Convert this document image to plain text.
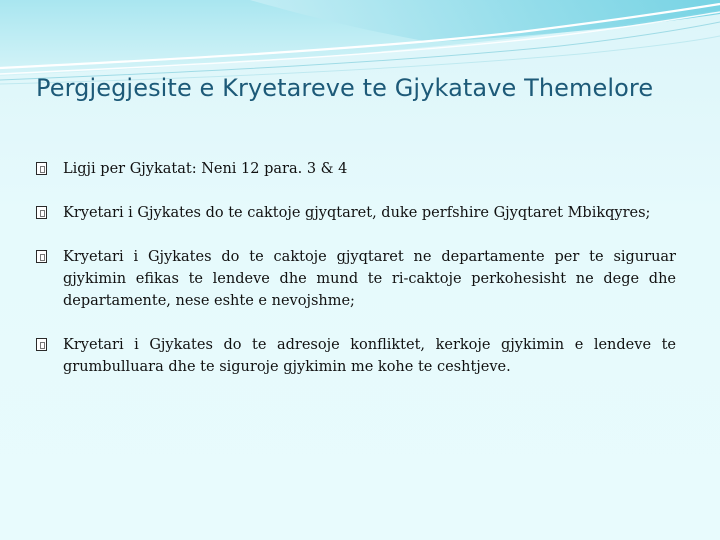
Pergjegjesite e Kryetareve te Gjykatave Themelore
Ligji per Gjykatat: Neni 12 para. 3 & 4
Kryetari i Gjykates do te caktoje gjyqtaret, duke perfshire Gjyqtaret Mbikqyres;
Kryetari i Gjykates do te caktoje gjyqtaret ne departamente per te siguruar gjykimin efikas te lendeve dhe mund te ri-caktoje perkohesisht ne dege dhe departamente, nese eshte e nevojshme;
Kryetari i Gjykates do te adresoje konfliktet, kerkoje gjykimin e lendeve te grumbulluara dhe te siguroje gjykimin me kohe te ceshtjeve.
